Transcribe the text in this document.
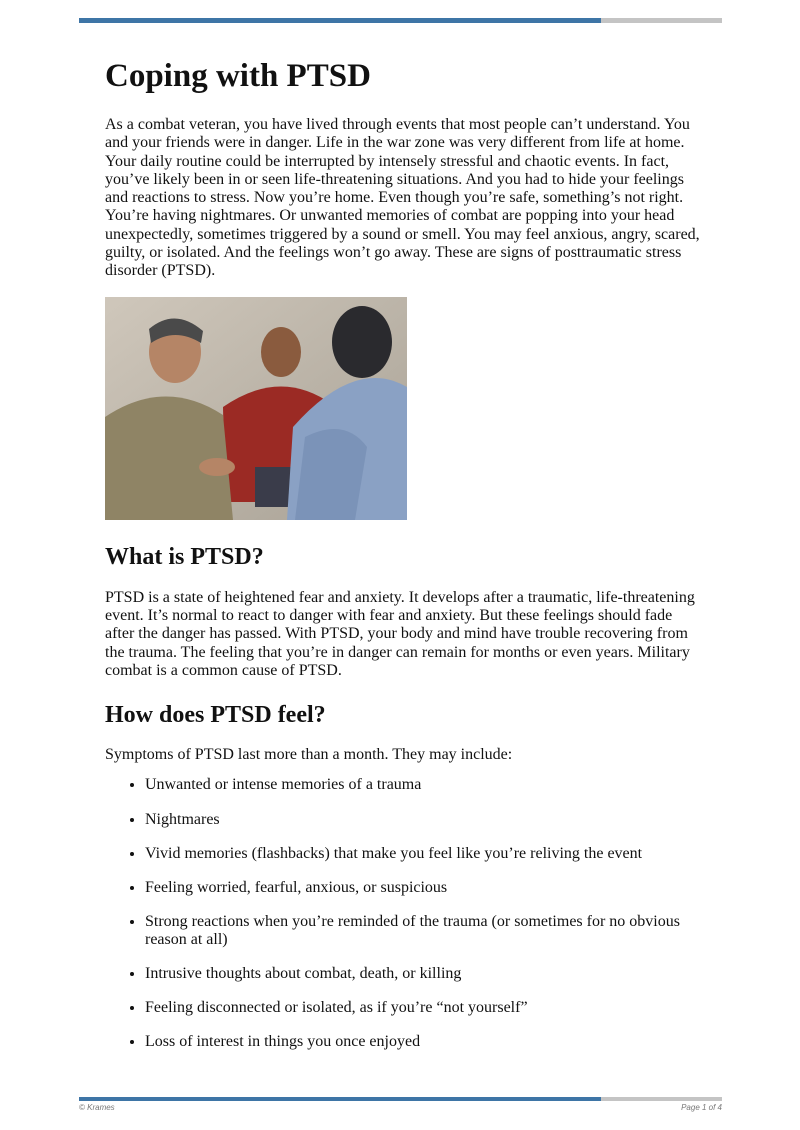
Coping with PTSD

As a combat veteran, you have lived through events that most people can’t understand. You and your friends were in danger. Life in the war zone was very different from life at home. Your daily routine could be interrupted by intensely stressful and chaotic events. In fact, you’ve likely been in or seen life-threatening situations. And you had to hide your feelings and reactions to stress. Now you’re home. Even though you’re safe, something’s not right. You’re having nightmares. Or unwanted memories of combat are popping into your head unexpectedly, sometimes triggered by a sound or smell. You may feel anxious, angry, scared, guilty, or isolated. And the feelings won’t go away. These are signs of posttraumatic stress disorder (PTSD).

What is PTSD?

PTSD is a state of heightened fear and anxiety. It develops after a traumatic, life-threatening event. It’s normal to react to danger with fear and anxiety. But these feelings should fade after the danger has passed. With PTSD, your body and mind have trouble recovering from the trauma. The feeling that you’re in danger can remain for months or even years. Military combat is a common cause of PTSD.

How does PTSD feel?

Symptoms of PTSD last more than a month. They may include:

• Unwanted or intense memories of a trauma
• Nightmares
• Vivid memories (flashbacks) that make you feel like you’re reliving the event
• Feeling worried, fearful, anxious, or suspicious
• Strong reactions when you’re reminded of the trauma (or sometimes for no obvious reason at all)
• Intrusive thoughts about combat, death, or killing
• Feeling disconnected or isolated, as if you’re “not yourself”
• Loss of interest in things you once enjoyed
© Krames	Page 1 of 4
